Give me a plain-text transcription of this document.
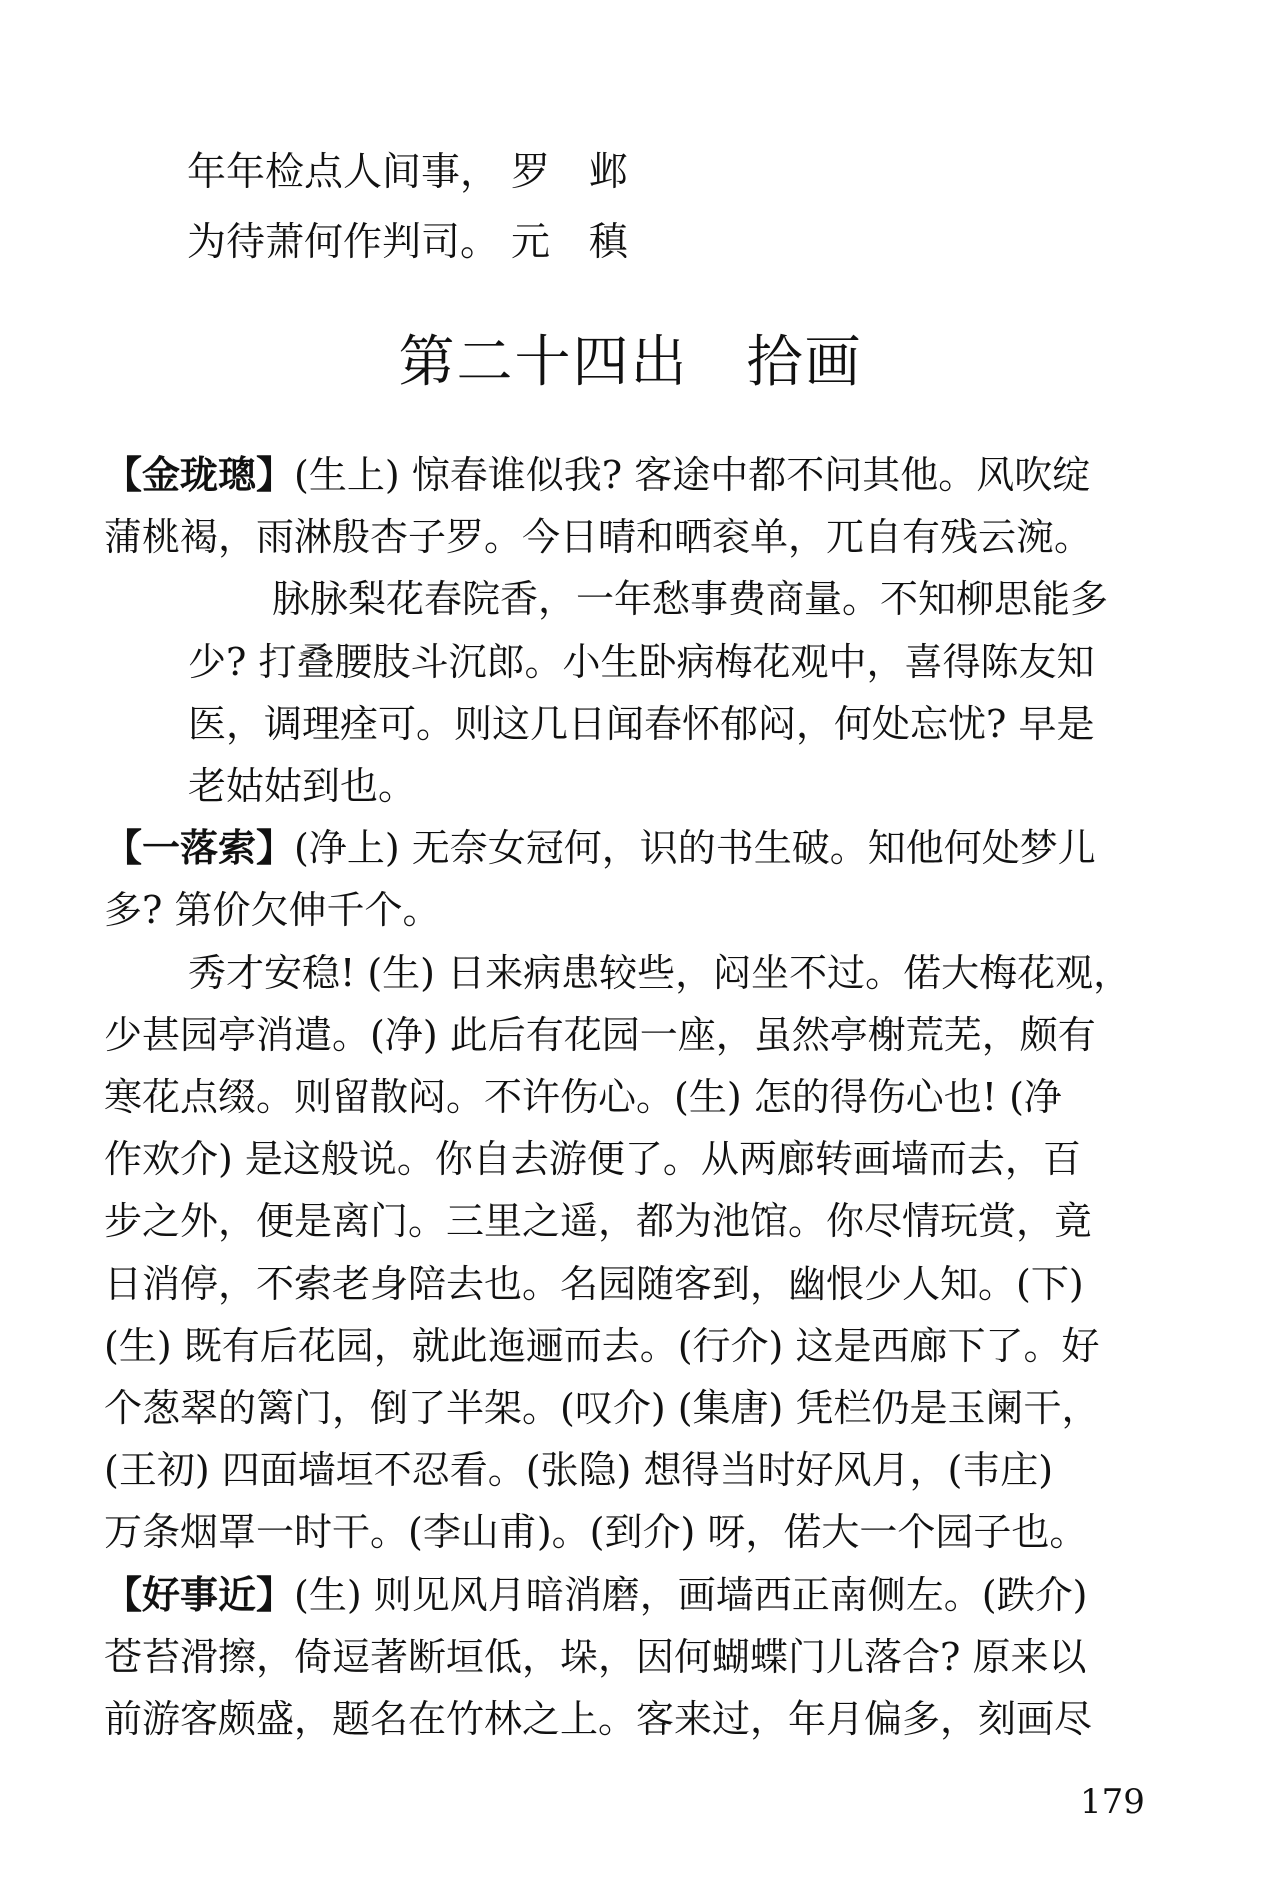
年年检点人间事， 罗　邺
为待萧何作判司。 元　稹
第二十四出　拾画
【金珑璁】(生上) 惊春谁似我? 客途中都不问其他。风吹绽
蒲桃褐，雨淋殷杏子罗。今日晴和晒衮单，兀自有残云涴。
脉脉梨花春院香，一年愁事费商量。不知柳思能多
少? 打叠腰肢斗沉郎。小生卧病梅花观中，喜得陈友知
医，调理痊可。则这几日闻春怀郁闷，何处忘忧? 早是
老姑姑到也。
【一落索】(净上) 无奈女冠何，识的书生破。知他何处梦儿
多? 第价欠伸千个。
秀才安稳! (生) 日来病患较些，闷坐不过。偌大梅花观，
少甚园亭消遣。(净) 此后有花园一座，虽然亭榭荒芜，颇有
寒花点缀。则留散闷。不许伤心。(生) 怎的得伤心也! (净
作欢介) 是这般说。你自去游便了。从两廊转画墙而去，百
步之外，便是离门。三里之遥，都为池馆。你尽情玩赏，竟
日消停，不索老身陪去也。名园随客到，幽恨少人知。(下)
(生) 既有后花园，就此迤逦而去。(行介) 这是西廊下了。好
个葱翠的篱门，倒了半架。(叹介) (集唐) 凭栏仍是玉阑干，
(王初) 四面墙垣不忍看。(张隐) 想得当时好风月，(韦庄)
万条烟罩一时干。(李山甫)。(到介) 呀，偌大一个园子也。
【好事近】(生) 则见风月暗消磨，画墙西正南侧左。(跌介)
苍苔滑擦，倚逗著断垣低，垛，因何蝴蝶门儿落合? 原来以
前游客颇盛，题名在竹林之上。客来过，年月偏多，刻画尽
179
